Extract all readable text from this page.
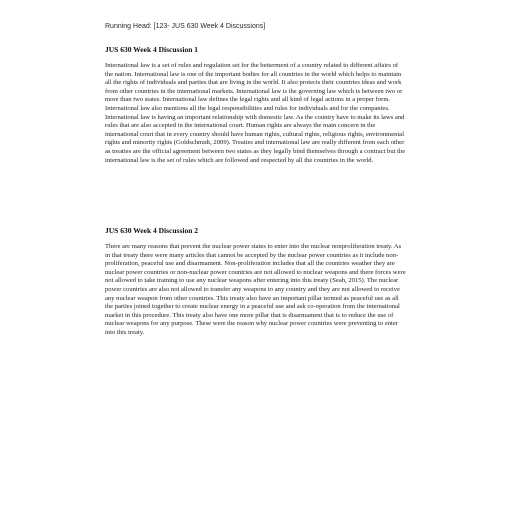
Running Head: [123- JUS 630 Week 4 Discussions]
JUS 630 Week 4 Discussion 1

International law is a set of rules and regulation set for the betterment of a country related to different affairs of the nation. International law is one of the important bodies for all countries in the world which helps to maintain all the rights of individuals and parties that are living in the world. It also protects their countries ideas and work from other countries in the international markets. International law is the governing law which is between two or more than two states. International law defines the legal rights and all kind of legal actions in a proper form. International law also mentions all the legal responsibilities and rules for individuals and for the companies. International law is having an important relationship with domestic law. As the country have to make its laws and rules that are also accepted in the international court. Human rights are always the main concern in the international court that in every country should have human rights, cultural rights, religious rights, environmental rights and minority rights (Goldschmidt, 2009). Treaties and international law are really different from each other as treaties are the official agreement between two states as they legally bind themselves through a contract but the international law is the set of rules which are followed and respected by all the countries in the world.

JUS 630 Week 4 Discussion 2

There are many reasons that prevent the nuclear power states to enter into the nuclear nonproliferation treaty. As in that treaty there were many articles that cannot be accepted by the nuclear power countries as it include non-proliferation, peaceful use and disarmament. Non-proliferation includes that all the countries weather they are nuclear power countries or non-nuclear power countries are not allowed to nuclear weapons and there forces were not allowed to take training to use any nuclear weapons after entering into this treaty (Seah, 2015). The nuclear power countries are also not allowed to transfer any weapons to any country and they are not allowed to receive any nuclear weapon from other countries. This treaty also have an important pillar termed as peaceful use as all the parties joined together to create nuclear energy in a peaceful use and ask co-operation from the international market in this procedure. This treaty also have one more pillar that is disarmament that is to reduce the use of nuclear weapons for any purpose. These were the reason why nuclear power countries were preventing to enter into this treaty.
